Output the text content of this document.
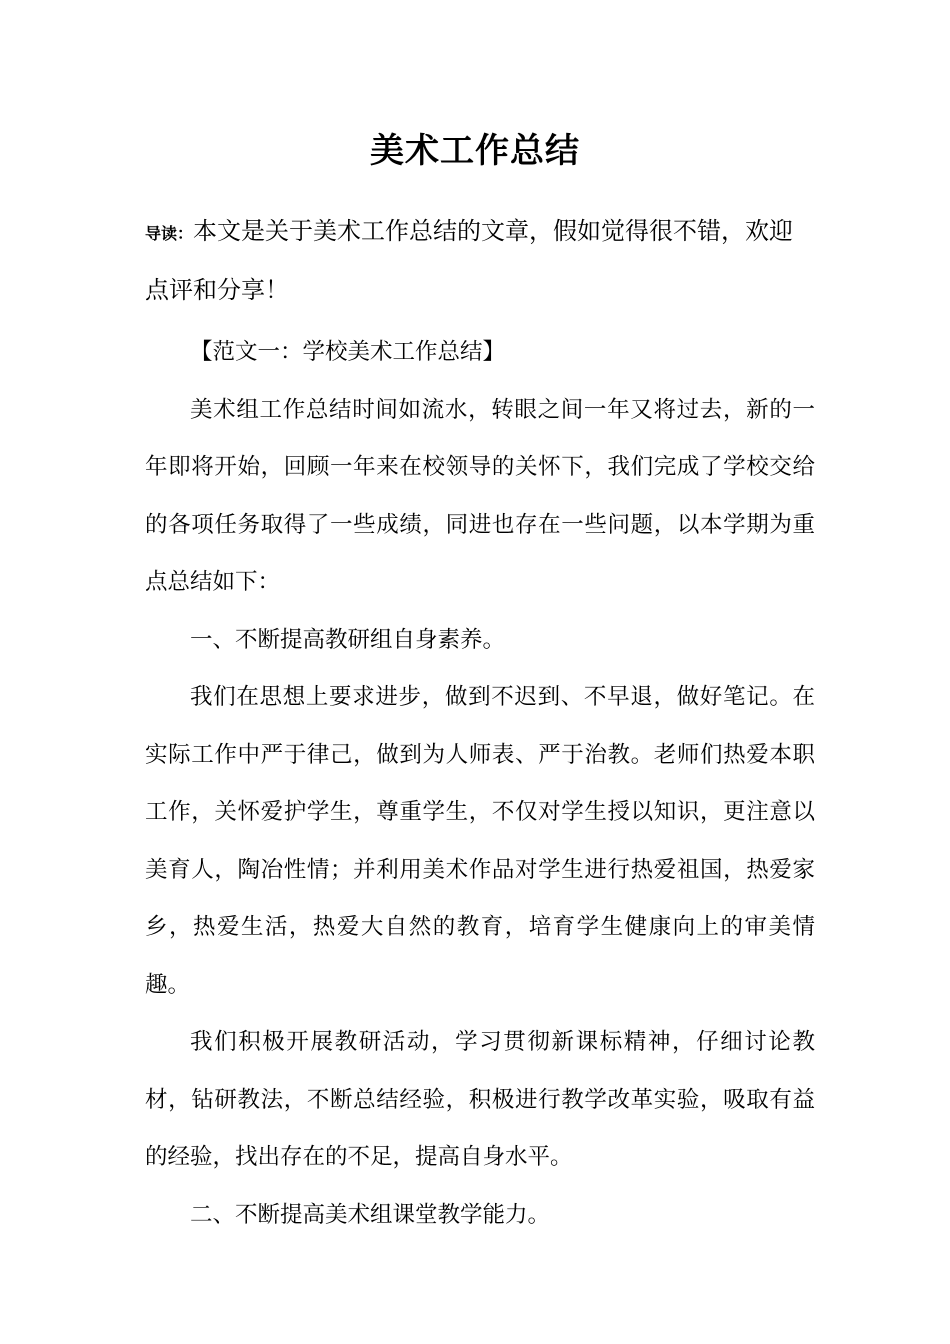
美术工作总结
导读：本文是关于美术工作总结的文章，假如觉得很不错，欢迎点评和分享！

【范文一：学校美术工作总结】

美术组工作总结时间如流水，转眼之间一年又将过去，新的一年即将开始，回顾一年来在校领导的关怀下，我们完成了学校交给的各项任务取得了一些成绩，同进也存在一些问题，以本学期为重点总结如下：

一、不断提高教研组自身素养。

我们在思想上要求进步，做到不迟到、不早退，做好笔记。在实际工作中严于律己，做到为人师表、严于治教。老师们热爱本职工作，关怀爱护学生，尊重学生，不仅对学生授以知识，更注意以美育人，陶冶性情；并利用美术作品对学生进行热爱祖国，热爱家乡，热爱生活，热爱大自然的教育，培育学生健康向上的审美情趣。

我们积极开展教研活动，学习贯彻新课标精神，仔细讨论教材，钻研教法，不断总结经验，积极进行教学改革实验，吸取有益的经验，找出存在的不足，提高自身水平。

二、不断提高美术组课堂教学能力。
